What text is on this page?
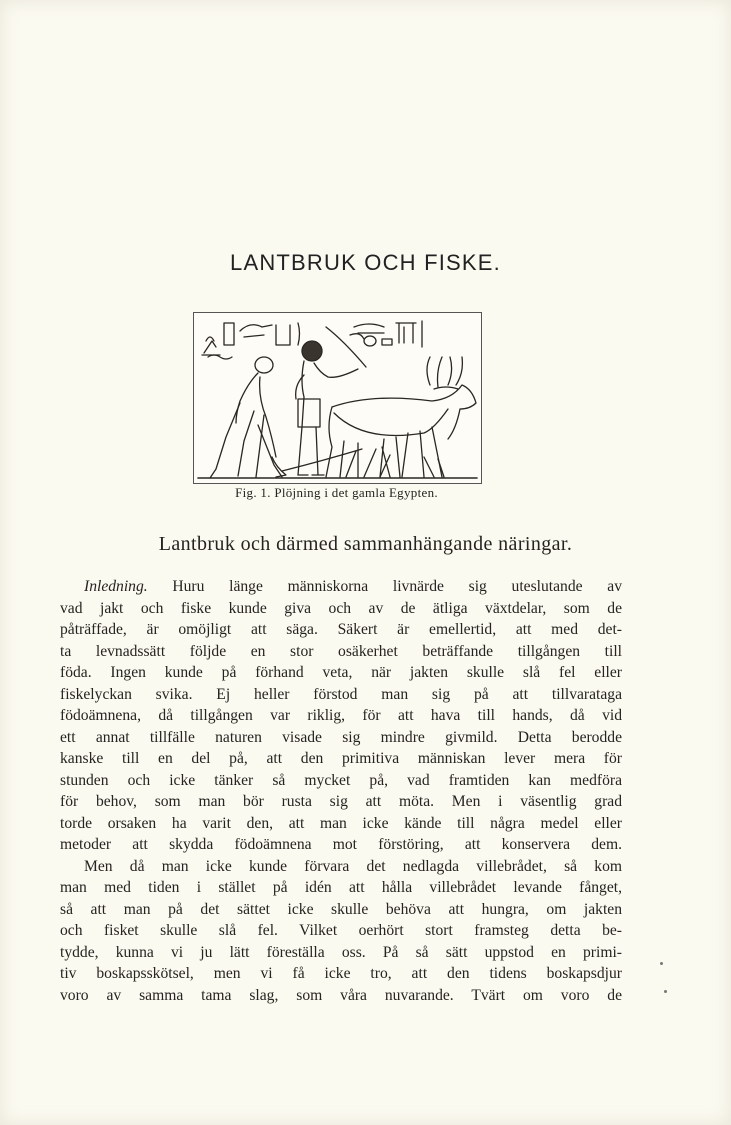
LANTBRUK OCH FISKE.
Fig. 1. Plöjning i det gamla Egypten.
Lantbruk och därmed sammanhängande näringar.
Inledning. Huru länge människorna livnärde sig uteslutande av
vad jakt och fiske kunde giva och av de ätliga växtdelar, som de
påträffade, är omöjligt att säga. Säkert är emellertid, att med det-
ta levnadssätt följde en stor osäkerhet beträffande tillgången till
föda. Ingen kunde på förhand veta, när jakten skulle slå fel eller
fiskelyckan svika. Ej heller förstod man sig på att tillvarataga
födoämnena, då tillgången var riklig, för att hava till hands, då vid
ett annat tillfälle naturen visade sig mindre givmild. Detta berodde
kanske till en del på, att den primitiva människan lever mera för
stunden och icke tänker så mycket på, vad framtiden kan medföra
för behov, som man bör rusta sig att möta. Men i väsentlig grad
torde orsaken ha varit den, att man icke kände till några medel eller
metoder att skydda födoämnena mot förstöring, att konservera dem.
Men då man icke kunde förvara det nedlagda villebrådet, så kom
man med tiden i stället på idén att hålla villebrådet levande fånget,
så att man på det sättet icke skulle behöva att hungra, om jakten
och fisket skulle slå fel. Vilket oerhört stort framsteg detta be-
tydde, kunna vi ju lätt föreställa oss. På så sätt uppstod en primi-
tiv boskapsskötsel, men vi få icke tro, att den tidens boskapsdjur
voro av samma tama slag, som våra nuvarande. Tvärt om voro de
